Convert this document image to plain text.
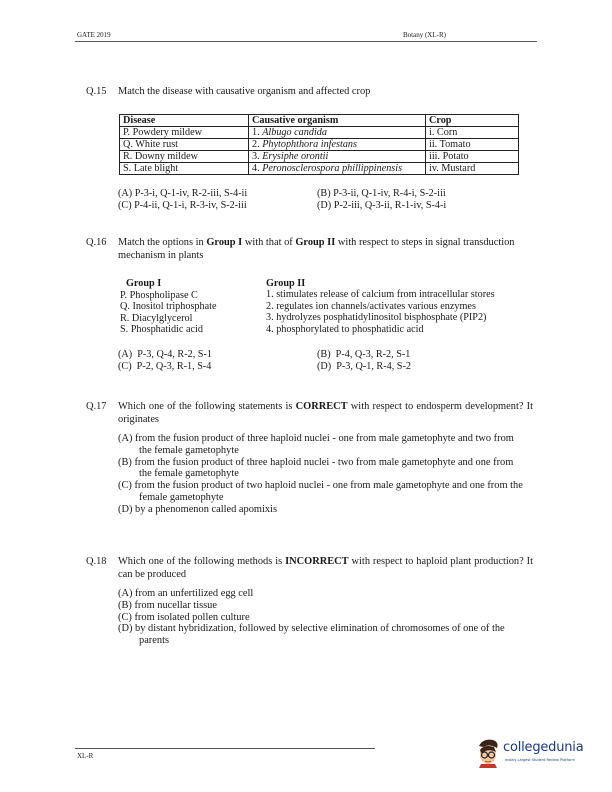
GATE 2019	Botany (XL-R)
Q.15 Match the disease with causative organism and affected crop
Disease	Causative organism	Crop
P. Powdery mildew	1. Albugo candida	i. Corn
Q. White rust	2. Phytophthora infestans	ii. Tomato
R. Downy mildew	3. Erysiphe orontii	iii. Potato
S. Late blight	4. Peronosclerospora phillippinensis	iv. Mustard
(A) P-3-i, Q-1-iv, R-2-iii, S-4-ii	(B) P-3-ii, Q-1-iv, R-4-i, S-2-iii
(C) P-4-ii, Q-1-i, R-3-iv, S-2-iii	(D) P-2-iii, Q-3-ii, R-1-iv, S-4-i
Q.16 Match the options in Group I with that of Group II with respect to steps in signal transduction mechanism in plants
Group I
P. Phospholipase C
Q. Inositol triphosphate
R. Diacylglycerol
S. Phosphatidic acid
Group II
1. stimulates release of calcium from intracellular stores
2. regulates ion channels/activates various enzymes
3. hydrolyzes posphatidylinositol bisphosphate (PIP2)
4. phosphorylated to phosphatidic acid
(A)  P-3, Q-4, R-2, S-1	(B)  P-4, Q-3, R-2, S-1
(C)  P-2, Q-3, R-1, S-4	(D)  P-3, Q-1, R-4, S-2
Q.17 Which one of the following statements is CORRECT with respect to endosperm development? It originates
(A) from the fusion product of three haploid nuclei - one from male gametophyte and two from the female gametophyte
(B) from the fusion product of three haploid nuclei - two from male gametophyte and one from the female gametophyte
(C) from the fusion product of two haploid nuclei - one from male gametophyte and one from the female gametophyte
(D) by a phenomenon called apomixis
Q.18 Which one of the following methods is INCORRECT with respect to haploid plant production? It can be produced
(A) from an unfertilized egg cell
(B) from nucellar tissue
(C) from isolated pollen culture
(D) by distant hybridization, followed by selective elimination of chromosomes of one of the parents
XL-R
collegedunia
India's Largest Student Review Platform
